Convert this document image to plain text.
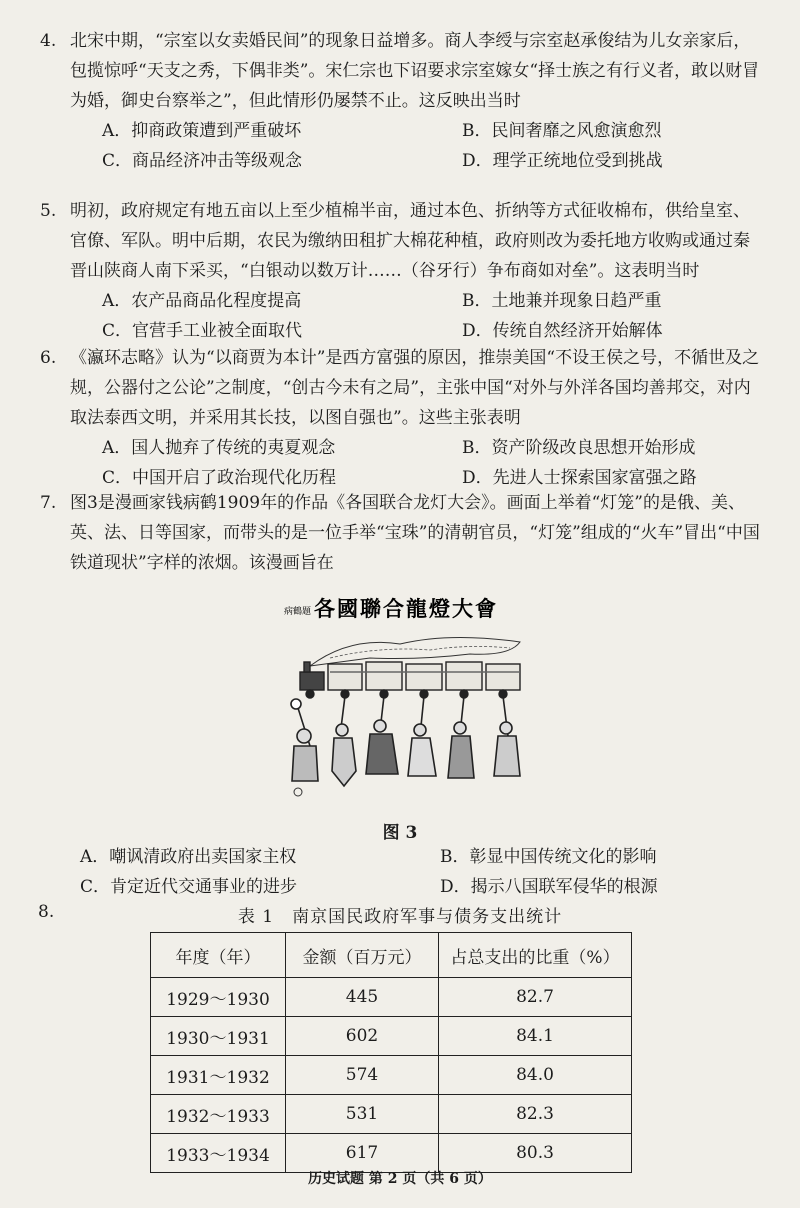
4. 北宋中期，“宗室以女卖婚民间”的现象日益增多。商人李绶与宗室赵承俊结为儿女亲家后，包揽惊呼“天支之秀，下偶非类”。宋仁宗也下诏要求宗室嫁女“择士族之有行义者，敢以财冒为婚，御史台察举之”，但此情形仍屡禁不止。这反映出当时

A．抑商政策遭到严重破坏	B．民间奢靡之风愈演愈烈
C．商品经济冲击等级观念	D．理学正统地位受到挑战

5. 明初，政府规定有地五亩以上至少植棉半亩，通过本色、折纳等方式征收棉布，供给皇室、官僚、军队。明中后期，农民为缴纳田租扩大棉花种植，政府则改为委托地方收购或通过秦晋山陕商人南下采买，“白银动以数万计……（谷牙行）争布商如对垒”。这表明当时

A．农产品商品化程度提高	B．土地兼并现象日趋严重
C．官营手工业被全面取代	D．传统自然经济开始解体

6. 《瀛环志略》认为“以商贾为本计”是西方富强的原因，推崇美国“不设王侯之号，不循世及之规，公器付之公论”之制度，“创古今未有之局”，主张中国“对外与外洋各国均善邦交，对内取法泰西文明，并采用其长技，以图自强也”。这些主张表明

A．国人抛弃了传统的夷夏观念	B．资产阶级改良思想开始形成
C．中国开启了政治现代化历程	D．先进人士探索国家富强之路

7. 图3是漫画家钱病鹤1909年的作品《各国联合龙灯大会》。画面上举着“灯笼”的是俄、美、英、法、日等国家，而带头的是一位手举“宝珠”的清朝官员，“灯笼”组成的“火车”冒出“中国铁道现状”字样的浓烟。该漫画旨在

病鶴題 各國聯合龍燈大會
图 3
A．嘲讽清政府出卖国家主权	B．彰显中国传统文化的影响
C．肯定近代交通事业的进步	D．揭示八国联军侵华的根源
8.	表 1　南京国民政府军事与债务支出统计
年度（年）	金额（百万元）	占总支出的比重（%）
1929～1930	445	82.7
1930～1931	602	84.1
1931～1932	574	84.0
1932～1933	531	82.3
1933～1934	617	80.3
历史试题 第 2 页（共 6 页）
